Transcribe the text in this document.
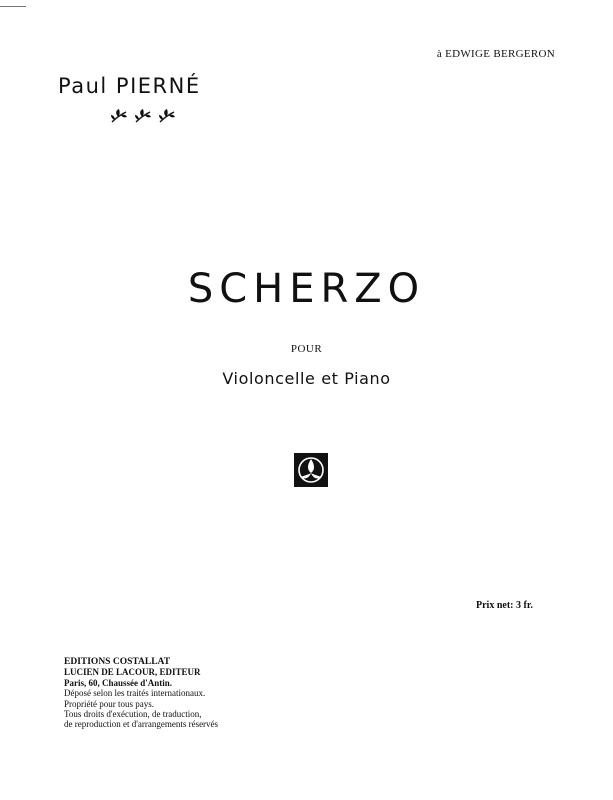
à EDWIGE BERGERON
Paul PIERNÉ
SCHERZO
POUR
Violoncelle et Piano
Prix net: 3 fr.
EDITIONS COSTALLAT
LUCIEN DE LACOUR, EDITEUR
Paris, 60, Chaussée d'Antin.
Déposé selon les traités internationaux.
Propriété pour tous pays.
Tous droits d'exécution, de traduction,
de reproduction et d'arrangements réservés
